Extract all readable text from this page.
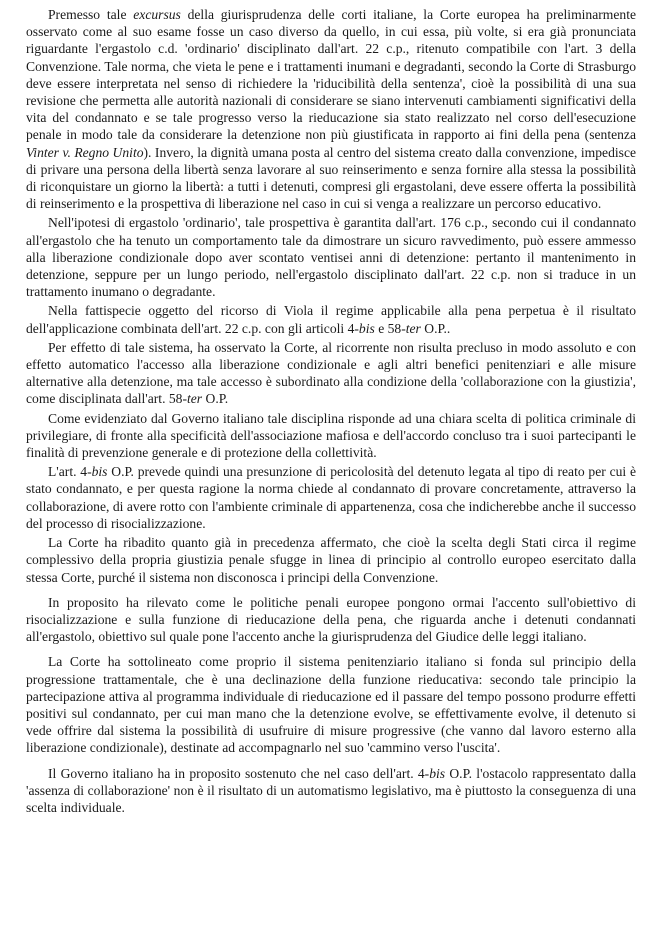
Premesso tale excursus della giurisprudenza delle corti italiane, la Corte europea ha preliminarmente osservato come al suo esame fosse un caso diverso da quello, in cui essa, più volte, si era già pronunciata riguardante l'ergastolo c.d. 'ordinario' disciplinato dall'art. 22 c.p., ritenuto compatibile con l'art. 3 della Convenzione. Tale norma, che vieta le pene e i trattamenti inumani e degradanti, secondo la Corte di Strasburgo deve essere interpretata nel senso di richiedere la 'riducibilità della sentenza', cioè la possibilità di una sua revisione che permetta alle autorità nazionali di considerare se siano intervenuti cambiamenti significativi della vita del condannato e se tale progresso verso la rieducazione sia stato realizzato nel corso dell'esecuzione penale in modo tale da considerare la detenzione non più giustificata in rapporto ai fini della pena (sentenza Vinter v. Regno Unito). Invero, la dignità umana posta al centro del sistema creato dalla convenzione, impedisce di privare una persona della libertà senza lavorare al suo reinserimento e senza fornire alla stessa la possibilità di riconquistare un giorno la libertà: a tutti i detenuti, compresi gli ergastolani, deve essere offerta la possibilità di reinserimento e la prospettiva di liberazione nel caso in cui si venga a realizzare un percorso educativo.

Nell'ipotesi di ergastolo 'ordinario', tale prospettiva è garantita dall'art. 176 c.p., secondo cui il condannato all'ergastolo che ha tenuto un comportamento tale da dimostrare un sicuro ravvedimento, può essere ammesso alla liberazione condizionale dopo aver scontato ventisei anni di detenzione: pertanto il mantenimento in detenzione, seppure per un lungo periodo, nell'ergastolo disciplinato dall'art. 22 c.p. non si traduce in un trattamento inumano o degradante.

Nella fattispecie oggetto del ricorso di Viola il regime applicabile alla pena perpetua è il risultato dell'applicazione combinata dell'art. 22 c.p. con gli articoli 4-bis e 58-ter O.P..

Per effetto di tale sistema, ha osservato la Corte, al ricorrente non risulta precluso in modo assoluto e con effetto automatico l'accesso alla liberazione condizionale e agli altri benefici penitenziari e alle misure alternative alla detenzione, ma tale accesso è subordinato alla condizione della 'collaborazione con la giustizia', come disciplinata dall'art. 58-ter O.P.

Come evidenziato dal Governo italiano tale disciplina risponde ad una chiara scelta di politica criminale di privilegiare, di fronte alla specificità dell'associazione mafiosa e dell'accordo concluso tra i suoi partecipanti le finalità di prevenzione generale e di protezione della collettività.

L'art. 4-bis O.P. prevede quindi una presunzione di pericolosità del detenuto legata al tipo di reato per cui è stato condannato, e per questa ragione la norma chiede al condannato di provare concretamente, attraverso la collaborazione, di avere rotto con l'ambiente criminale di appartenenza, cosa che indicherebbe anche il successo del processo di risocializzazione.

La Corte ha ribadito quanto già in precedenza affermato, che cioè la scelta degli Stati circa il regime complessivo della propria giustizia penale sfugge in linea di principio al controllo europeo esercitato dalla stessa Corte, purché il sistema non disconosca i principi della Convenzione.

In proposito ha rilevato come le politiche penali europee pongono ormai l'accento sull'obiettivo di risocializzazione e sulla funzione di rieducazione della pena, che riguarda anche i detenuti condannati all'ergastolo, obiettivo sul quale pone l'accento anche la giurisprudenza del Giudice delle leggi italiano.

La Corte ha sottolineato come proprio il sistema penitenziario italiano si fonda sul principio della progressione trattamentale, che è una declinazione della funzione rieducativa: secondo tale principio la partecipazione attiva al programma individuale di rieducazione ed il passare del tempo possono produrre effetti positivi sul condannato, per cui man mano che la detenzione evolve, se effettivamente evolve, il detenuto si vede offrire dal sistema la possibilità di usufruire di misure progressive (che vanno dal lavoro esterno alla liberazione condizionale), destinate ad accompagnarlo nel suo 'cammino verso l'uscita'.

Il Governo italiano ha in proposito sostenuto che nel caso dell'art. 4-bis O.P. l'ostacolo rappresentato dalla 'assenza di collaborazione' non è il risultato di un automatismo legislativo, ma è piuttosto la conseguenza di una scelta individuale.
